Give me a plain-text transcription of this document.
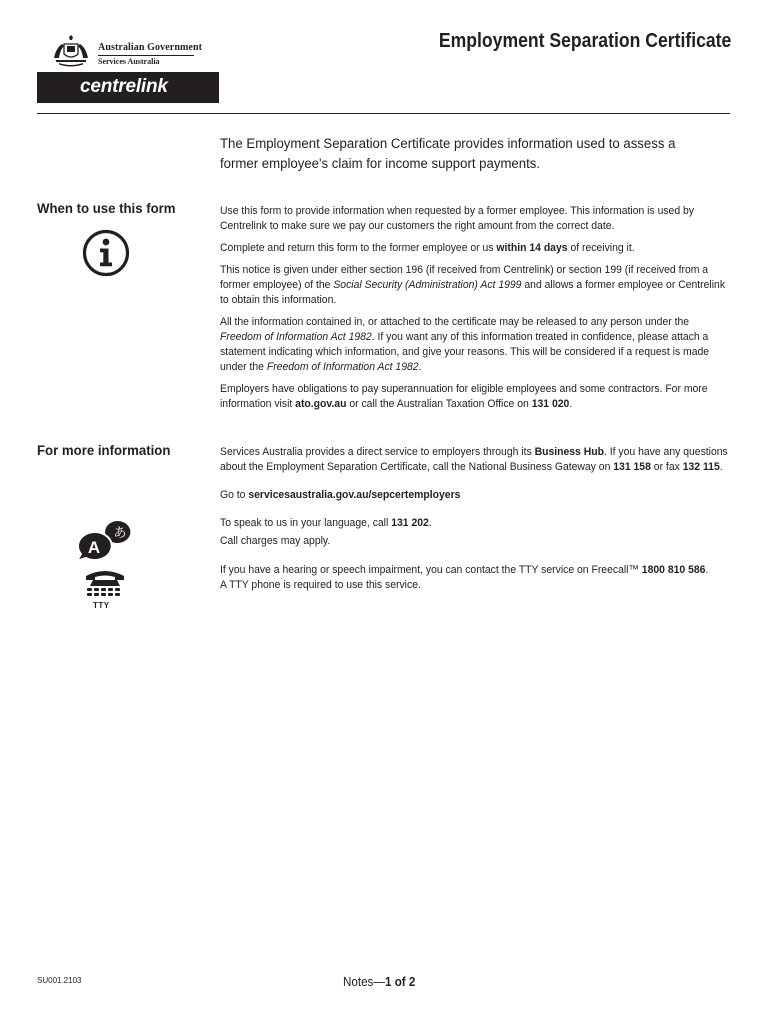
Australian Government
Services Australia
centrelink
Employment Separation Certificate
The Employment Separation Certificate provides information used to assess a former employee's claim for income support payments.
When to use this form	Use this form to provide information when requested by a former employee. This information is used by Centrelink to make sure we pay our customers the right amount from the correct date.

Complete and return this form to the former employee or us within 14 days of receiving it.

This notice is given under either section 196 (if received from Centrelink) or section 199 (if received from a former employee) of the Social Security (Administration) Act 1999 and allows a former employee or Centrelink to obtain this information.

All the information contained in, or attached to the certificate may be released to any person under the Freedom of Information Act 1982. If you want any of this information treated in confidence, please attach a statement indicating which information, and give your reasons. This will be considered if a request is made under the Freedom of Information Act 1982.

Employers have obligations to pay superannuation for eligible employees and some contractors. For more information visit ato.gov.au or call the Australian Taxation Office on 131 020.

For more information	Services Australia provides a direct service to employers through its Business Hub. If you have any questions about the Employment Separation Certificate, call the National Business Gateway on 131 158 or fax 132 115.

Go to servicesaustralia.gov.au/sepcertemployers

To speak to us in your language, call 131 202.

Call charges may apply.

If you have a hearing or speech impairment, you can contact the TTY service on Freecall™ 1800 810 586.

A TTY phone is required to use this service.

A
あ
TTY
SU001.2103	Notes—1 of 2
